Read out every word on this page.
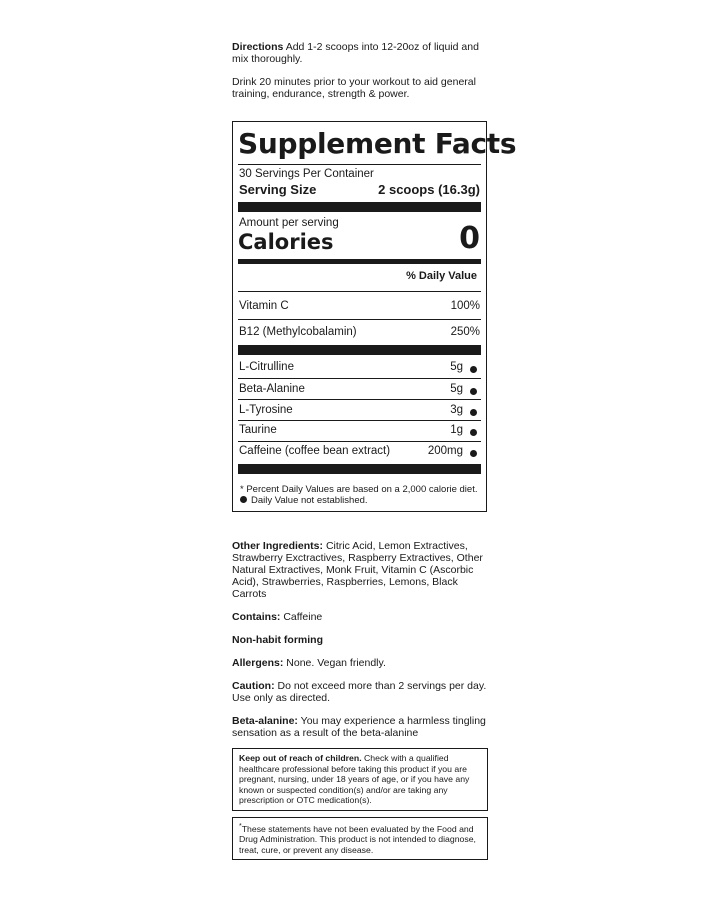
Directions Add 1-2 scoops into 12-20oz of liquid and mix thoroughly.

Drink 20 minutes prior to your workout to aid general training, endurance, strength & power.

Supplement Facts
30 Servings Per Container
Serving Size	2 scoops (16.3g)
Amount per serving
Calories	0
% Daily Value
Vitamin C	100%
B12 (Methylcobalamin)	250%
L-Citrulline	5g
Beta-Alanine	5g
L-Tyrosine	3g
Taurine	1g
Caffeine (coffee bean extract)	200mg
* Percent Daily Values are based on a 2,000 calorie diet.
Daily Value not established.

Other Ingredients: Citric Acid, Lemon Extractives, Strawberry Exctractives, Raspberry Extractives, Other Natural Extractives, Monk Fruit, Vitamin C (Ascorbic Acid), Strawberries, Raspberries, Lemons, Black Carrots

Contains: Caffeine

Non-habit forming

Allergens: None. Vegan friendly.

Caution: Do not exceed more than 2 servings per day. Use only as directed.

Beta-alanine: You may experience a harmless tingling sensation as a result of the beta-alanine

Keep out of reach of children. Check with a qualified healthcare professional before taking this product if you are pregnant, nursing, under 18 years of age, or if you have any known or suspected condition(s) and/or are taking any prescription or OTC medication(s).
*These statements have not been evaluated by the Food and Drug Administration. This product is not intended to diagnose, treat, cure, or prevent any disease.
